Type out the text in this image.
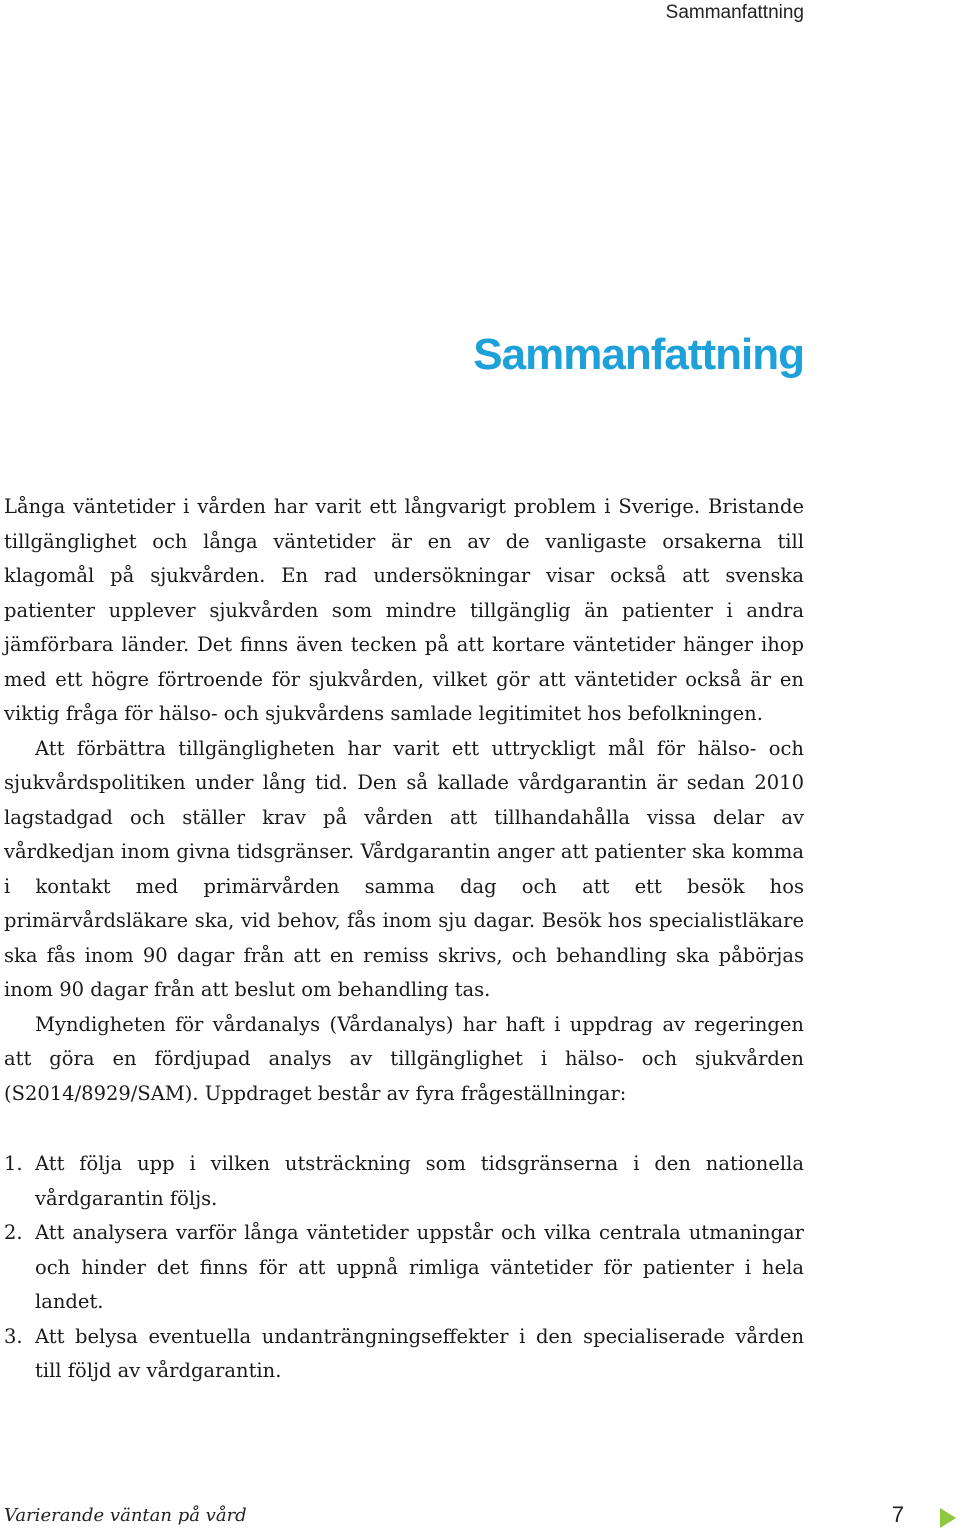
Sammanfattning
Sammanfattning

Långa väntetider i vården har varit ett långvarigt problem i Sverige. Bristande tillgänglighet och långa väntetider är en av de vanligaste orsakerna till klagomål på sjukvården. En rad undersökningar visar också att svenska patienter upplever sjukvården som mindre tillgänglig än patienter i andra jämförbara länder. Det finns även tecken på att kortare väntetider hänger ihop med ett högre förtroende för sjukvården, vilket gör att väntetider också är en viktig fråga för hälso- och sjukvårdens samlade legitimitet hos befolkningen.

Att förbättra tillgängligheten har varit ett uttryckligt mål för hälso- och sjukvårdspolitiken under lång tid. Den så kallade vårdgarantin är sedan 2010 lagstadgad och ställer krav på vården att tillhandahålla vissa delar av vårdkedjan inom givna tidsgränser. Vårdgarantin anger att patienter ska komma i kontakt med primärvården samma dag och att ett besök hos primärvårdsläkare ska, vid behov, fås inom sju dagar. Besök hos specialistläkare ska fås inom 90 dagar från att en remiss skrivs, och behandling ska påbörjas inom 90 dagar från att beslut om behandling tas.

Myndigheten för vårdanalys (Vårdanalys) har haft i uppdrag av regeringen att göra en fördjupad analys av tillgänglighet i hälso- och sjukvården (S2014/8929/SAM). Uppdraget består av fyra frågeställningar:

1. Att följa upp i vilken utsträckning som tidsgränserna i den nationella vårdgarantin följs.
2. Att analysera varför långa väntetider uppstår och vilka centrala utmaningar och hinder det finns för att uppnå rimliga väntetider för patienter i hela landet.
3. Att belysa eventuella undanträngningseffekter i den specialiserade vården till följd av vårdgarantin.
Varierande väntan på vård	7
